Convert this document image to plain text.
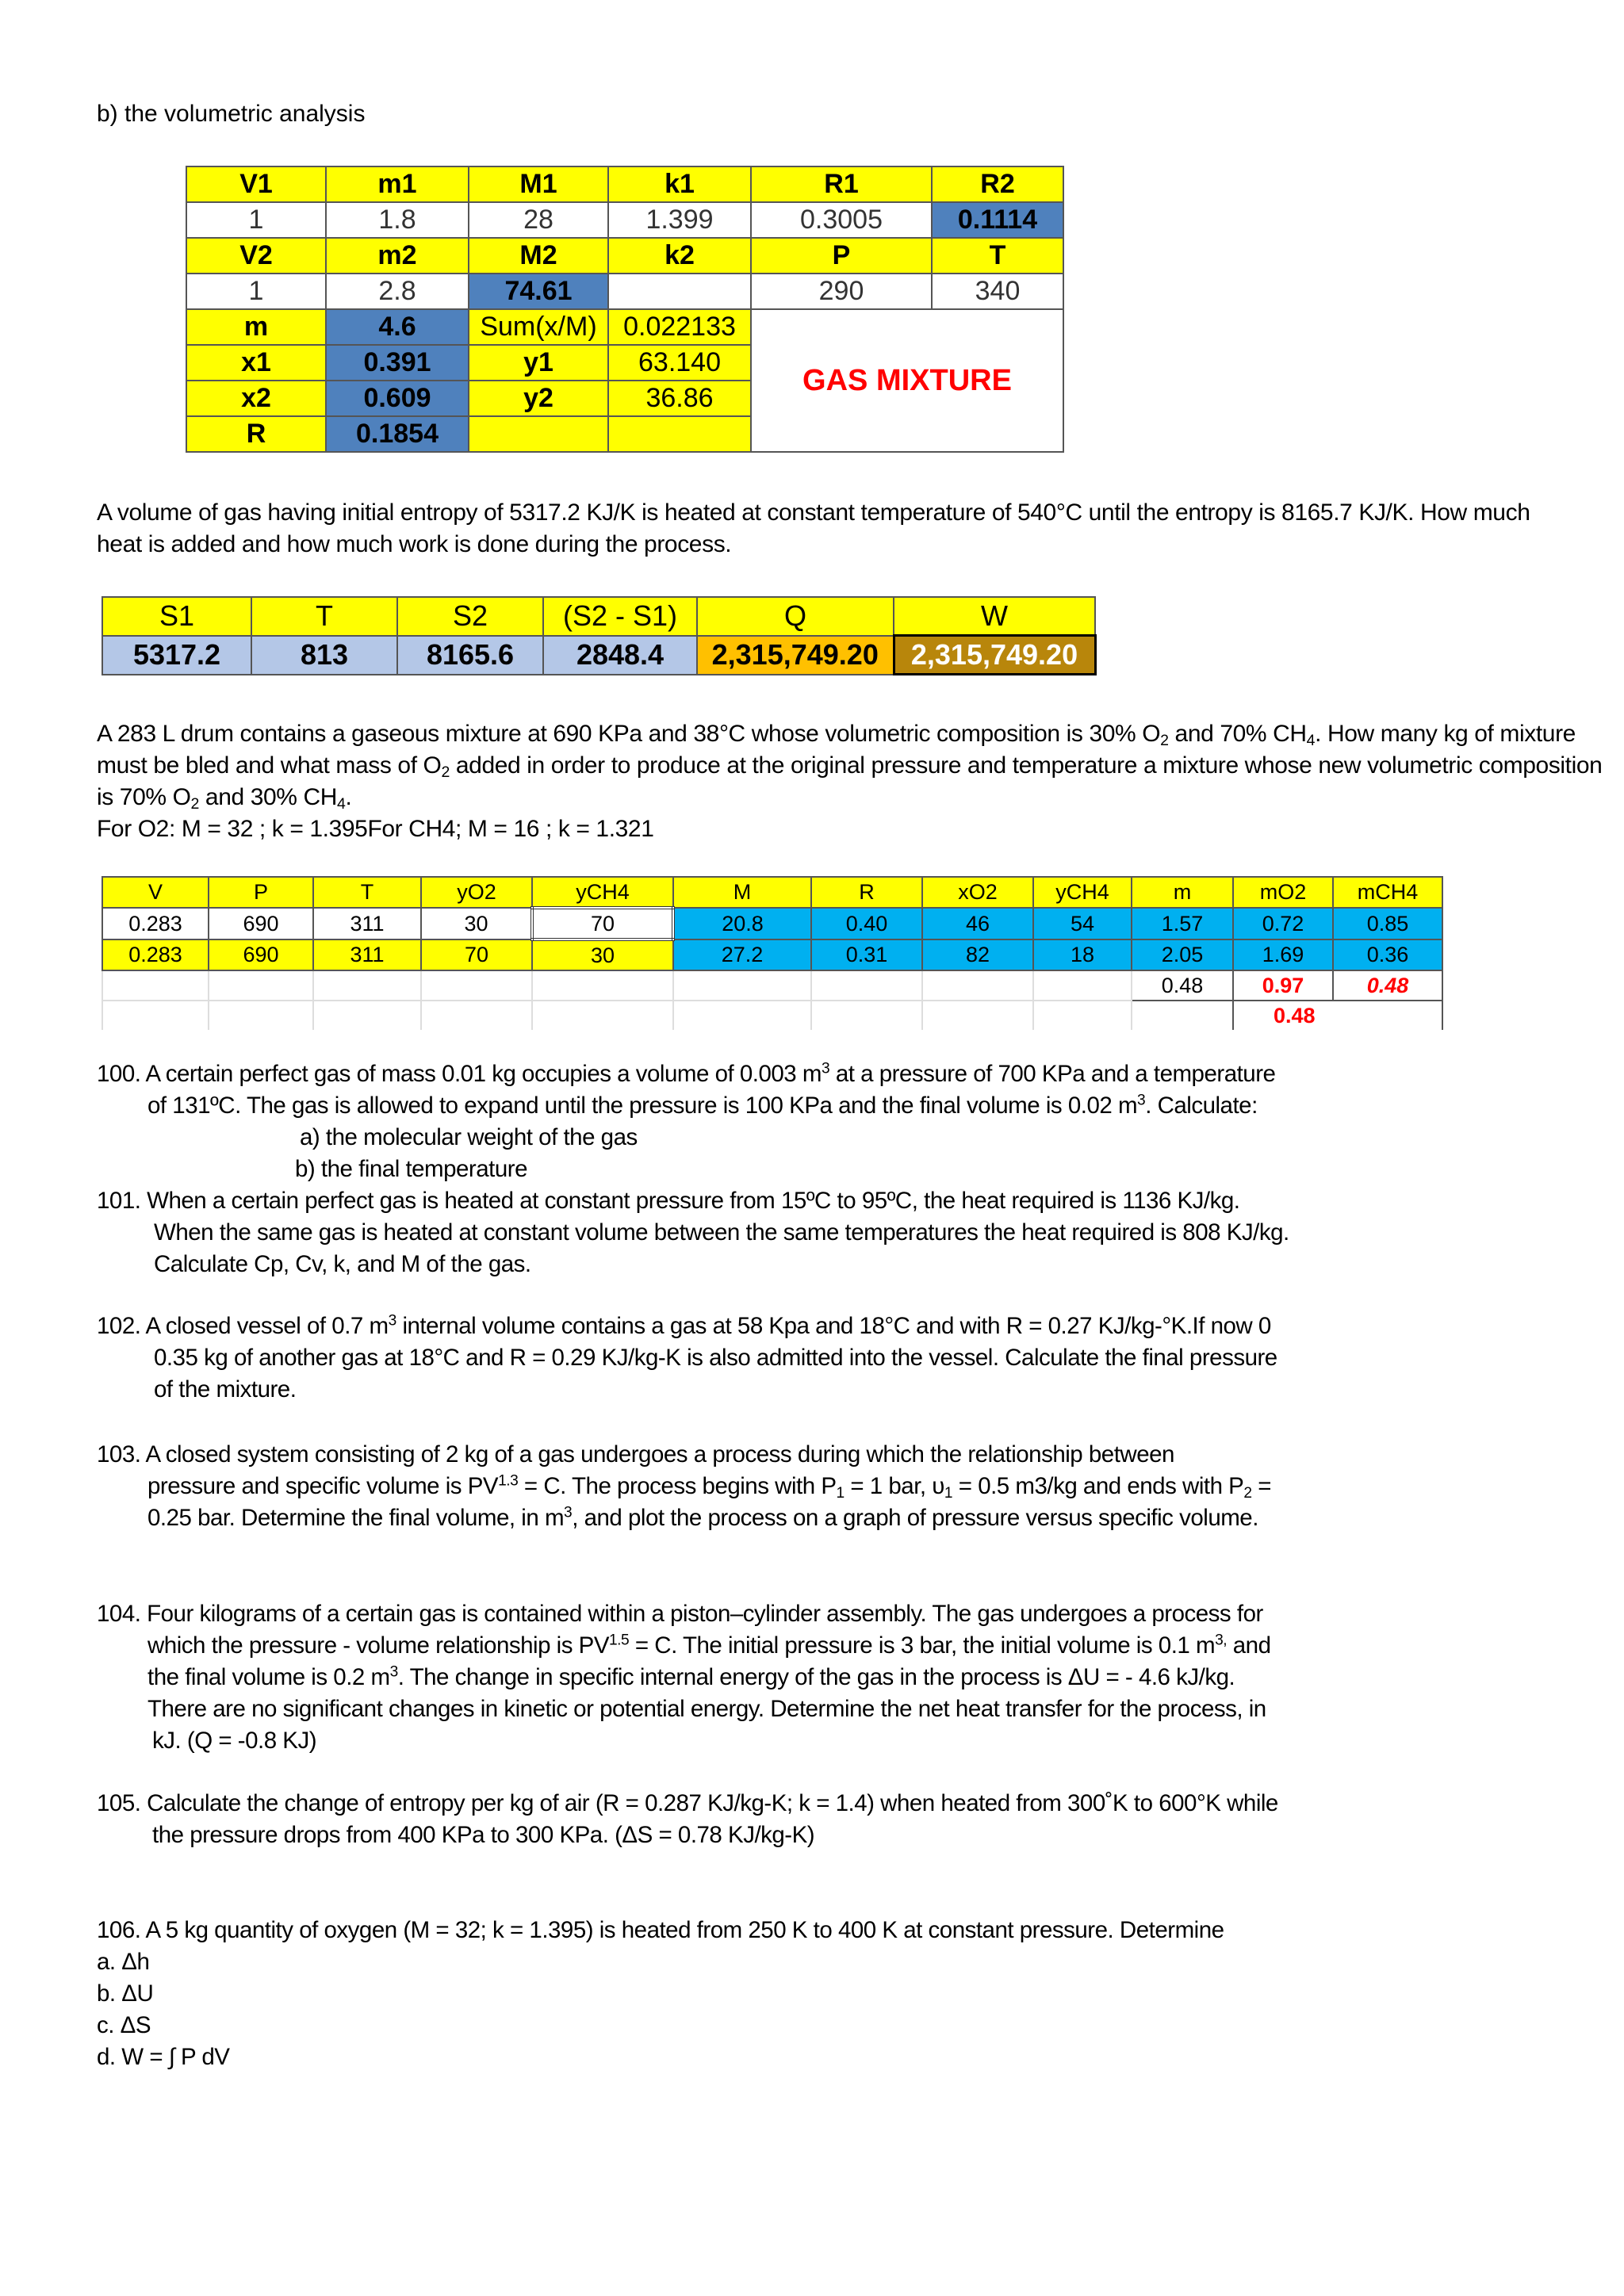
b) the volumetric analysis
V1	m1	M1	k1	R1	R2
1	1.8	28	1.399	0.3005	0.1114
V2	m2	M2	k2	P	T
1	2.8	74.61		290	340
m	4.6	Sum(x/M)	0.022133	GAS MIXTURE	
x1	0.391	y1	63.140		
x2	0.609	y2	36.86		
R	0.1854				
A volume of gas having initial entropy of 5317.2 KJ/K is heated at constant temperature of 540°C until the entropy is 8165.7 KJ/K. How much heat is added and how much work is done during the process.
S1	T	S2	(S2 - S1)	Q	W
5317.2	813	8165.6	2848.4	2,315,749.20	2,315,749.20
A 283 L drum contains a gaseous mixture at 690 KPa and 38°C whose volumetric composition is 30% $O_2$ and 70% $CH_4$. How many kg of mixture
must be bled and what mass of $O_2$ added in order to produce at the original pressure and temperature a mixture whose new volumetric composition
is 70% $O_2$ and 30% $CH_4$.
For O2: M = 32 ; k = 1.395For CH4; M = 16 ; k = 1.321
V	P	T	yO2	yCH4	M	R	xO2	yCH4	m	mO2	mCH4
0.283	690	311	30	70	20.8	0.40	46	54	1.57	0.72	0.85
0.283	690	311	70	30	27.2	0.31	82	18	2.05	1.69	0.36
									0.48	0.97	0.48
										0.48	
100. A certain perfect gas of mass 0.01 kg occupies a volume of 0.003 $m^3$ at a pressure of 700 KPa and a temperature
of 131ºC. The gas is allowed to expand until the pressure is 100 KPa and the final volume is 0.02 $m^3$. Calculate:
a) the molecular weight of the gas
b) the final temperature
101. When a certain perfect gas is heated at constant pressure from 15ºC to 95ºC, the heat required is 1136 KJ/kg.
When the same gas is heated at constant volume between the same temperatures the heat required is 808 KJ/kg.
Calculate Cp, Cv, k, and M of the gas.
102. A closed vessel of 0.7 $m^3$ internal volume contains a gas at 58 Kpa and 18°C and with R = 0.27 KJ/kg-°K.If now 0
0.35 kg of another gas at 18°C and R = 0.29 KJ/kg-K is also admitted into the vessel. Calculate the final pressure
of the mixture.
103. A closed system consisting of 2 kg of a gas undergoes a process during which the relationship between
pressure and specific volume is $PV^{1.3} = C$. The process begins with $P_1 = 1$ bar, $\upsilon_1 = 0.5$ m3/kg and ends with $P_2$ =
0.25 bar. Determine the final volume, in $m^3$, and plot the process on a graph of pressure versus specific volume.
104. Four kilograms of a certain gas is contained within a piston–cylinder assembly. The gas undergoes a process for
which the pressure - volume relationship is $PV^{1.5} = C$. The initial pressure is 3 bar, the initial volume is 0.1 $m^{3,}$ and
the final volume is 0.2 $m^3$. The change in specific internal energy of the gas in the process is ΔU = - 4.6 kJ/kg.
There are no significant changes in kinetic or potential energy. Determine the net heat transfer for the process, in
kJ. (Q = -0.8 KJ)
105. Calculate the change of entropy per kg of air (R = 0.287 KJ/kg-K; k = 1.4) when heated from 300˚K to 600°K while
the pressure drops from 400 KPa to 300 KPa. (ΔS = 0.78 KJ/kg-K)
106. A 5 kg quantity of oxygen (M = 32; k = 1.395) is heated from 250 K to 400 K at constant pressure. Determine
a. Δh
b. ΔU
c. ΔS
d. W = ∫ P dV
